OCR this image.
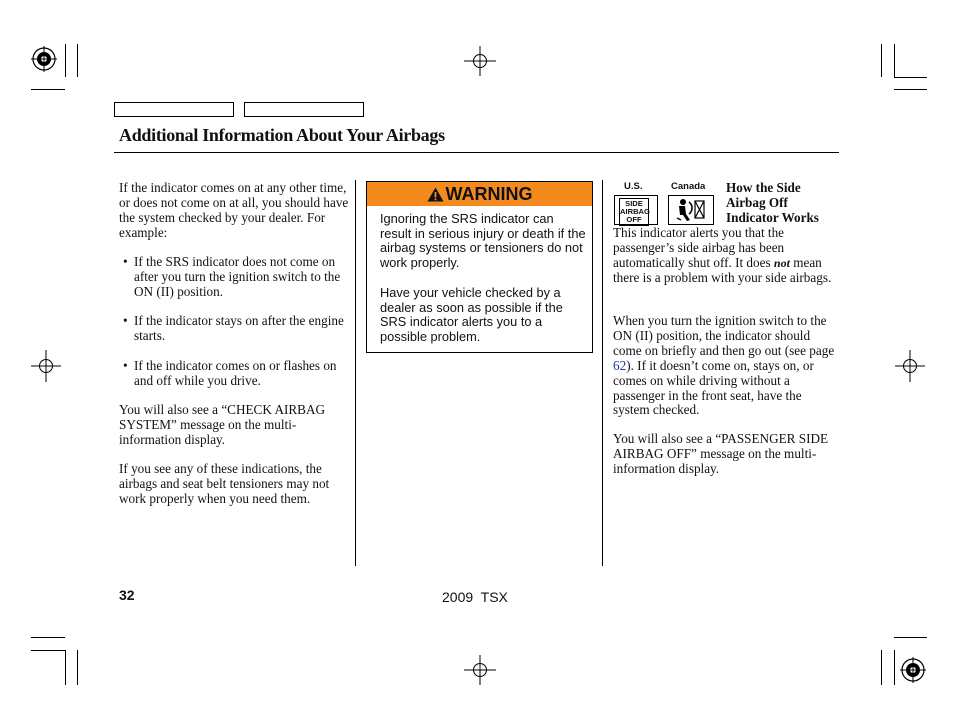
Additional Information About Your Airbags
If the indicator comes on at any other time, or does not come on at all, you should have the system checked by your dealer. For example:
• If the SRS indicator does not come on after you turn the ignition switch to the ON (II) position.
• If the indicator stays on after the engine starts.
• If the indicator comes on or flashes on and off while you drive.
You will also see a “CHECK AIRBAG SYSTEM” message on the multi-information display.
If you see any of these indications, the airbags and seat belt tensioners may not work properly when you need them.
WARNING
Ignoring the SRS indicator can result in serious injury or death if the airbag systems or tensioners do not work properly.
Have your vehicle checked by a dealer as soon as possible if the SRS indicator alerts you to a possible problem.
U.S.	Canada
SIDE AIRBAG OFF
How the Side Airbag Off Indicator Works
This indicator alerts you that the passenger’s side airbag has been automatically shut off. It does not mean there is a problem with your side airbags.
When you turn the ignition switch to the ON (II) position, the indicator should come on briefly and then go out (see page 62). If it doesn’t come on, stays on, or comes on while driving without a passenger in the front seat, have the system checked.
You will also see a “PASSENGER SIDE AIRBAG OFF” message on the multi-information display.
32	2009  TSX
